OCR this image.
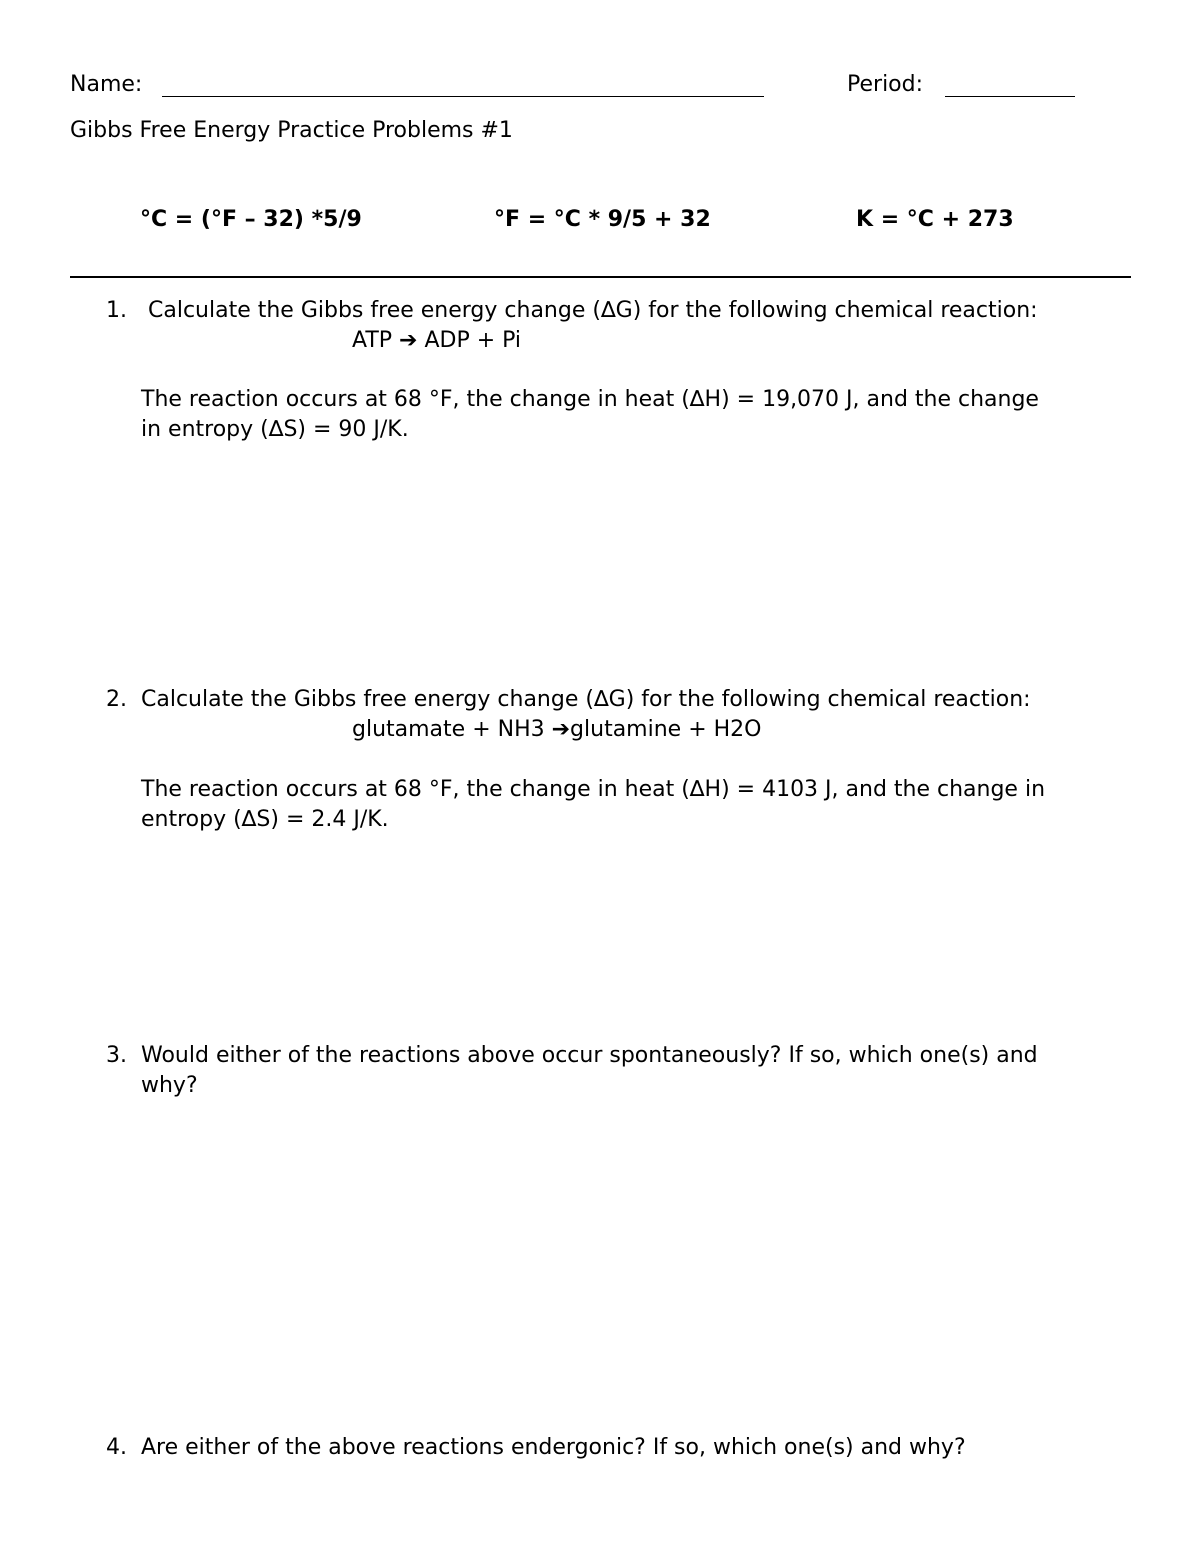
Name:	Period:
Gibbs Free Energy Practice Problems #1
°C = (°F – 32) *5/9	°F = °C * 9/5 + 32	K = °C + 273
1. Calculate the Gibbs free energy change (∆G) for the following chemical reaction:
ATP ➔ ADP + Pi
The reaction occurs at 68 °F, the change in heat (∆H) = 19,070 J, and the change
in entropy (∆S) = 90 J/K.
2. Calculate the Gibbs free energy change (∆G) for the following chemical reaction:
glutamate + NH3 ➔glutamine + H2O
The reaction occurs at 68 °F, the change in heat (∆H) = 4103 J, and the change in
entropy (∆S) = 2.4 J/K.
3. Would either of the reactions above occur spontaneously? If so, which one(s) and
why?
4. Are either of the above reactions endergonic? If so, which one(s) and why?
